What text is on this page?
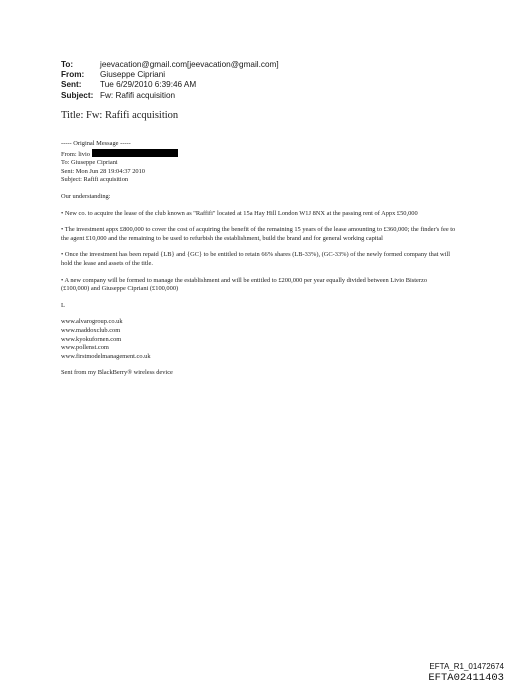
To:	jeevacation@gmail.com[jeevacation@gmail.com]
From:	Giuseppe Cipriani
Sent:	Tue 6/29/2010 6:39:46 AM
Subject: Fw: Rafifi acquisition
Title: Fw: Rafifi acquisition

----- Original Message -----

From: livio

To: Giuseppe Cipriani

Sent: Mon Jun 28 19:04:37 2010

Subject: Rafifi acquisition

Our understanding:

• New co. to acquire the lease of the club known as "Raffifi" located at 15a Hay Hill London W1J 8NX at the passing rent of Appx £50,000

• The investment appx £800,000 to cover the cost of acquiring the benefit of the remaining 15 years of the lease amounting to £360,000; the finder's fee to the agent £10,000 and the remaining to be used to refurbish the establishment, build the brand and for general working capital

• Once the investment has been repaid {LB} and {GC} to be entitled to retain 66% shares (LB-33%), (GC-33%) of the newly formed company that will hold the lease and assets of the title.

• A new company will be formed to manage the establishment and will be entitled to £200,000 per year equally divided between Livio Bisterzo (£100,000) and Giuseppe Cipriani (£100,000)

L

www.alvarogroup.co.uk

www.maddoxclub.com

www.kyokufornen.com

www.pollenst.com

www.firstmodelmanagement.co.uk

Sent from my BlackBerry® wireless device

EFTA_R1_01472674
EFTA02411403
